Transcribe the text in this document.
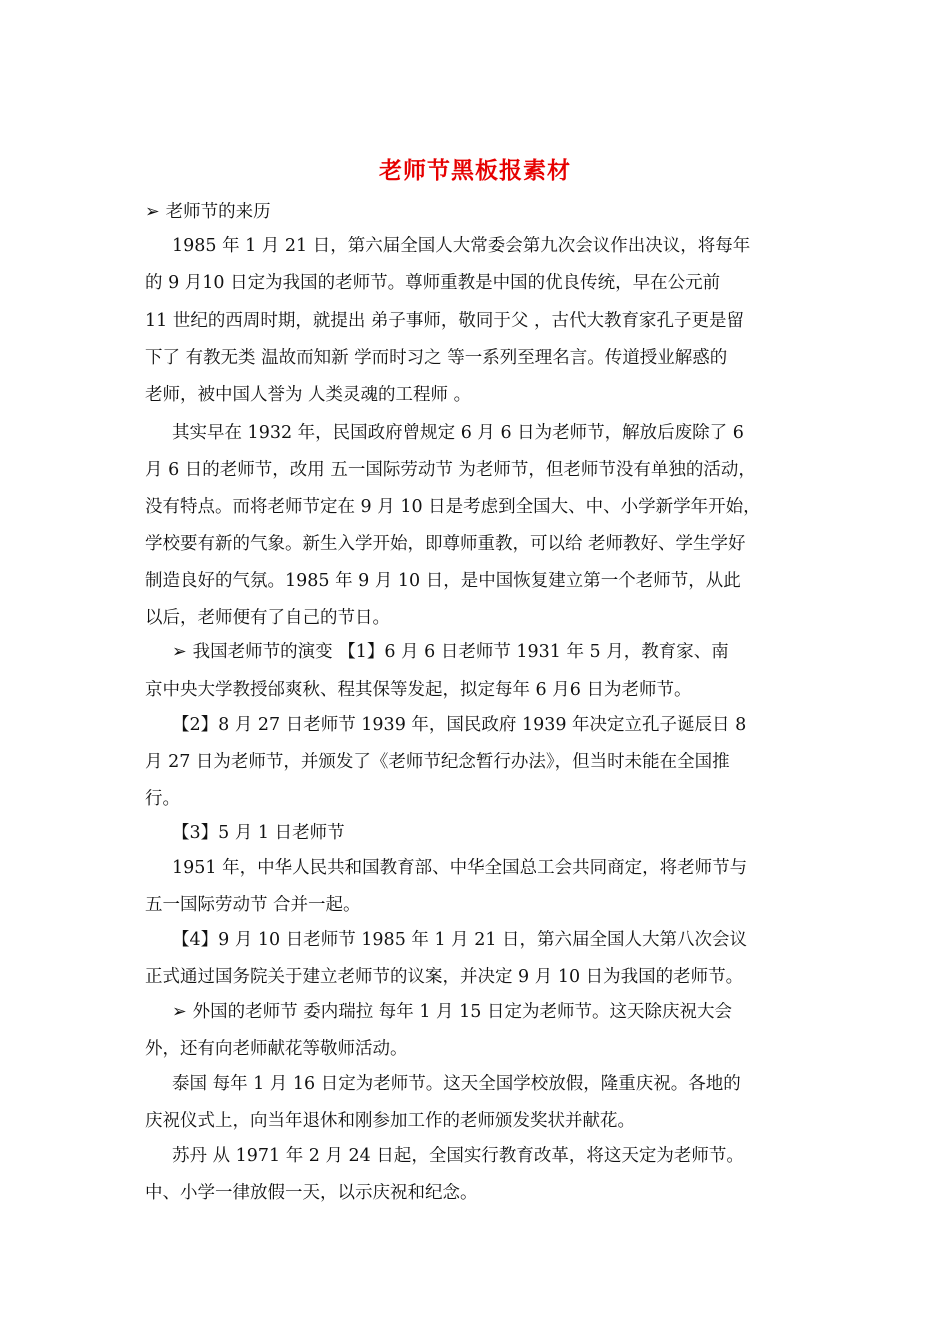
老师节黑板报素材
➢ 老师节的来历
1985 年 1 月 21 日，第六届全国人大常委会第九次会议作出决议，将每年
的 9 月10 日定为我国的老师节。尊师重教是中国的优良传统，早在公元前
11 世纪的西周时期，就提出 弟子事师，敬同于父 ，古代大教育家孔子更是留
下了 有教无类 温故而知新 学而时习之 等一系列至理名言。传道授业解惑的
老师，被中国人誉为 人类灵魂的工程师 。
其实早在 1932 年，民国政府曾规定 6 月 6 日为老师节，解放后废除了 6
月 6 日的老师节，改用 五一国际劳动节 为老师节，但老师节没有单独的活动，
没有特点。而将老师节定在 9 月 10 日是考虑到全国大、中、小学新学年开始，
学校要有新的气象。新生入学开始，即尊师重教，可以给 老师教好、学生学好
制造良好的气氛。1985 年 9 月 10 日，是中国恢复建立第一个老师节，从此
以后，老师便有了自己的节日。
➢ 我国老师节的演变 【1】6 月 6 日老师节 1931 年 5 月，教育家、南
京中央大学教授邰爽秋、程其保等发起，拟定每年 6 月6 日为老师节。
【2】8 月 27 日老师节 1939 年，国民政府 1939 年决定立孔子诞辰日 8
月 27 日为老师节，并颁发了《老师节纪念暂行办法》，但当时未能在全国推
行。
【3】5 月 1 日老师节
1951 年，中华人民共和国教育部、中华全国总工会共同商定，将老师节与
五一国际劳动节 合并一起。
【4】9 月 10 日老师节 1985 年 1 月 21 日，第六届全国人大第八次会议
正式通过国务院关于建立老师节的议案，并决定 9 月 10 日为我国的老师节。
➢ 外国的老师节 委内瑞拉 每年 1 月 15 日定为老师节。这天除庆祝大会
外，还有向老师献花等敬师活动。
泰国 每年 1 月 16 日定为老师节。这天全国学校放假，隆重庆祝。各地的
庆祝仪式上，向当年退休和刚参加工作的老师颁发奖状并献花。
苏丹 从 1971 年 2 月 24 日起，全国实行教育改革，将这天定为老师节。
中、小学一律放假一天，以示庆祝和纪念。
